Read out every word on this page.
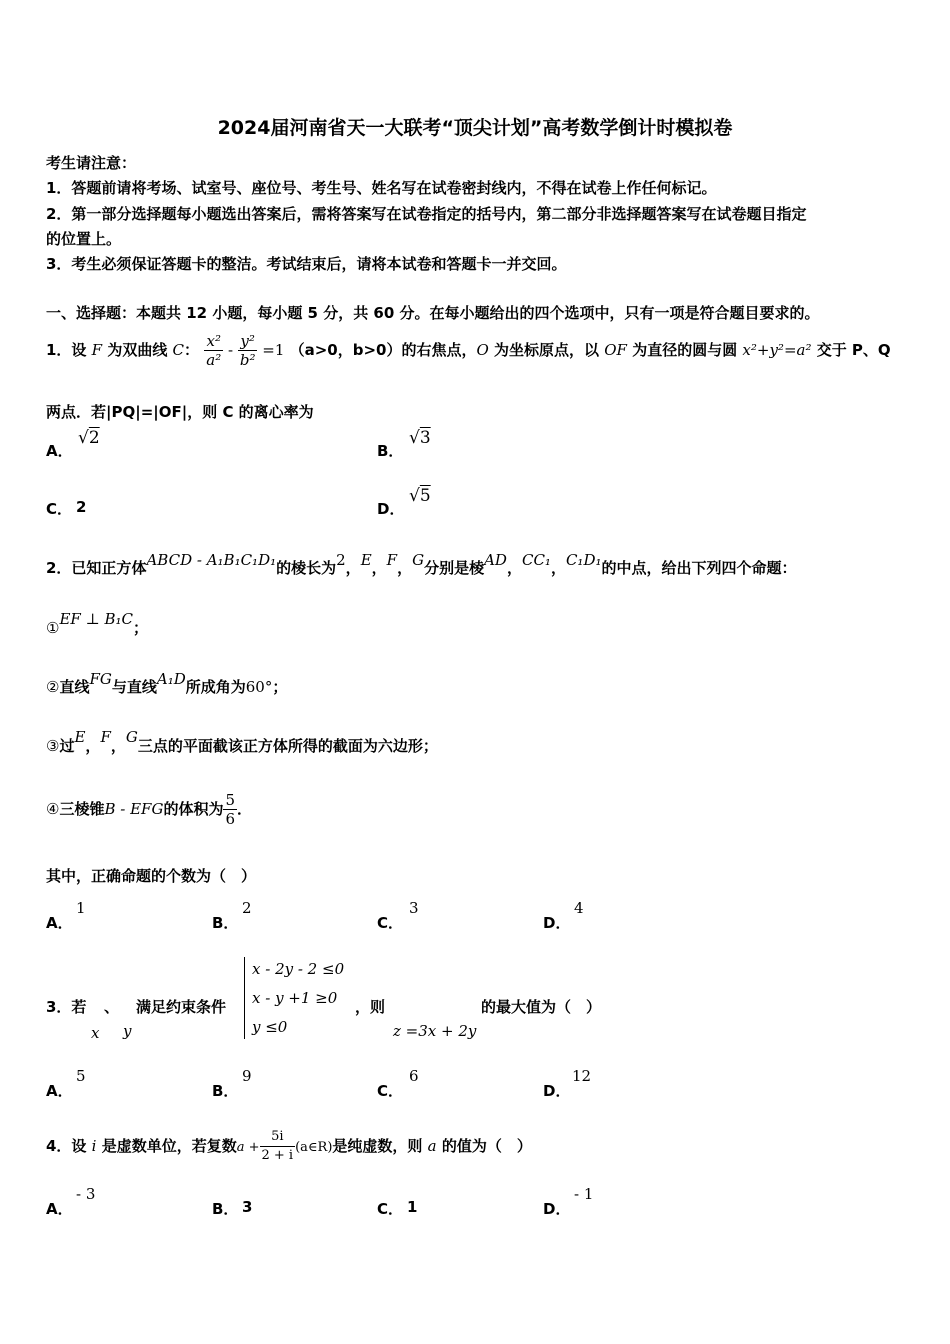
2024届河南省天一大联考“顶尖计划”高考数学倒计时模拟卷
考生请注意：
1．答题前请将考场、试室号、座位号、考生号、姓名写在试卷密封线内，不得在试卷上作任何标记。
2．第一部分选择题每小题选出答案后，需将答案写在试卷指定的括号内，第二部分非选择题答案写在试卷题目指定
的位置上。
3．考生必须保证答题卡的整洁。考试结束后，请将本试卷和答题卡一并交回。
一、选择题：本题共 12 小题，每小题 5 分，共 60 分。在每小题给出的四个选项中，只有一项是符合题目要求的。
1．设 F 为双曲线 C： $\frac{\text{x²}}{\text{a²}} - \frac{\text{y²}}{\text{b²}} =1$ （a>0，b>0）的右焦点，O 为坐标原点，以 OF 为直径的圆与圆 x²+y²=a² 交于 P、Q
两点．若|PQ|=|OF|，则 C 的离心率为
A．
√2
B．
√3
C． 2	D．
√5
2．已知正方体ABCD - A₁B₁C₁D₁的棱长为2，E，F，G分别是棱AD，CC₁，C₁D₁的中点，给出下列四个命题：
①EF ⊥ B₁C；
②直线FG与直线A₁D所成角为60°；
③过E，F，G三点的平面截该正方体所得的截面为六边形；
④三棱锥B - EFG的体积为 $\frac{5}{6}$ ．
其中，正确命题的个数为（　）
A．
1
B．
2
C．
3
D．
4
3．若 、 满足约束条件
x y
x - 2y - 2 ≤0
x - y +1 ≥0
y ≤0
，则	的最大值为（　）
z =3x + 2y
A．
5
B．
9
C．
6
D．
12
4．设 i 是虚数单位，若复数$a + \frac{5i}{2 + i}$ (a∈R)是纯虚数，则 a 的值为（　）
A．
- 3
B． 3	C． 1	D．
- 1
